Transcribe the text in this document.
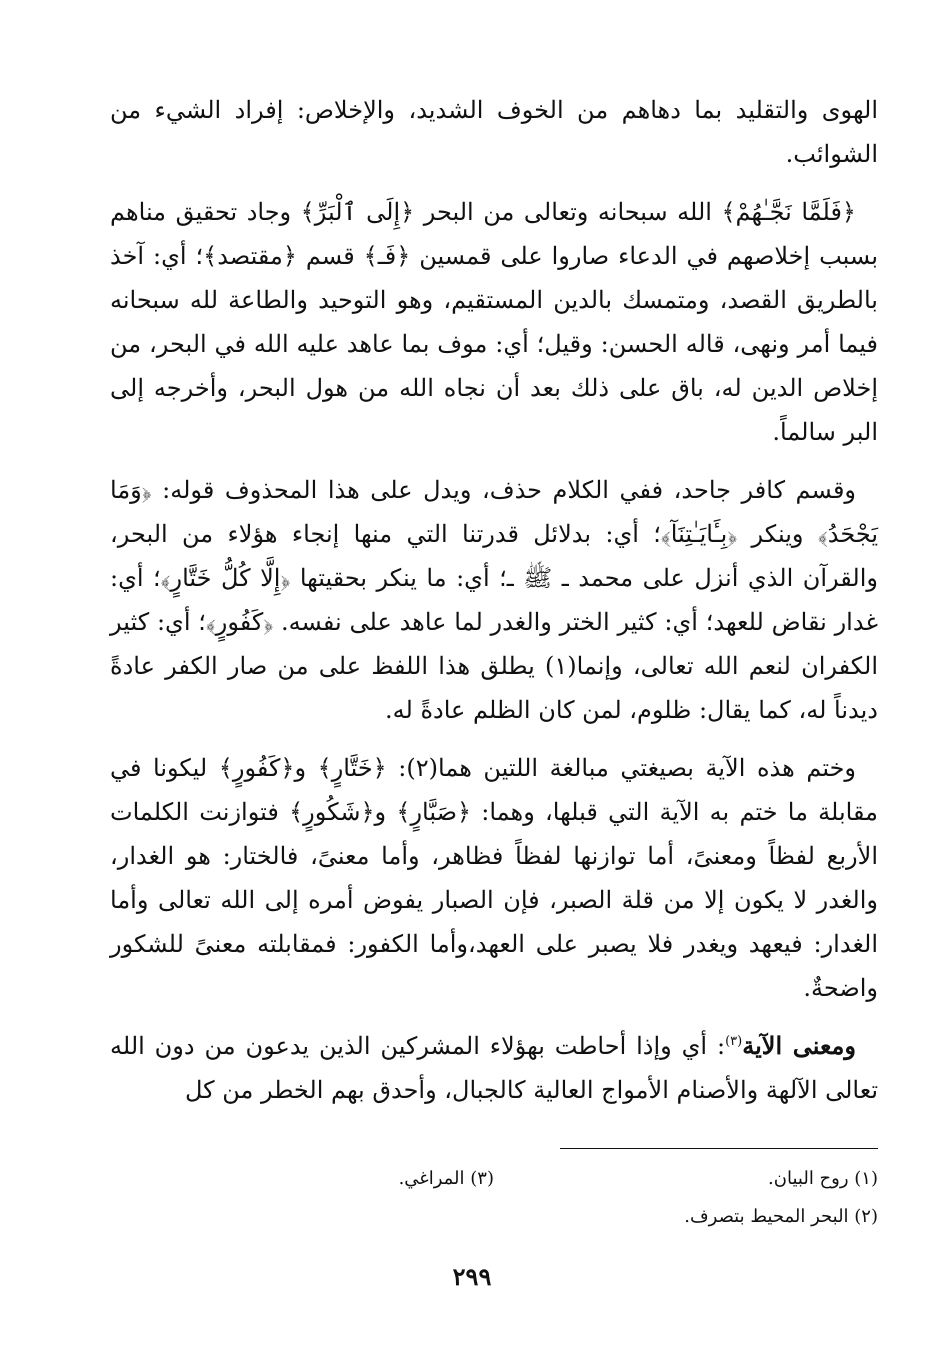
الهوى والتقليد بما دهاهم من الخوف الشديد، والإخلاص: إفراد الشيء من الشوائب.

﴿فَلَمَّا نَجَّـٰهُمْ﴾ الله سبحانه وتعالى من البحر ﴿إِلَى ٱلْبَرِّ﴾ وجاد تحقيق مناهم بسبب إخلاصهم في الدعاء صاروا على قمسين ﴿فَـ﴾ قسم ﴿مقتصد﴾؛ أي: آخذ بالطريق القصد، ومتمسك بالدين المستقيم، وهو التوحيد والطاعة لله سبحانه فيما أمر ونهى، قاله الحسن: وقيل؛ أي: موف بما عاهد عليه الله في البحر، من إخلاص الدين له، باق على ذلك بعد أن نجاه الله من هول البحر، وأخرجه إلى البر سالماً.

وقسم كافر جاحد، ففي الكلام حذف، ويدل على هذا المحذوف قوله: ﴿وَمَا يَجْحَدُ﴾ وينكر ﴿بِـَٔايَـٰتِنَآ﴾؛ أي: بدلائل قدرتنا التي منها إنجاء هؤلاء من البحر، والقرآن الذي أنزل على محمد ـ ﷺ ـ؛ أي: ما ينكر بحقيتها ﴿إِلَّا كُلُّ خَتَّارٍ﴾؛ أي: غدار نقاض للعهد؛ أي: كثير الختر والغدر لما عاهد على نفسه. ﴿كَفُورٍ﴾؛ أي: كثير الكفران لنعم الله تعالى، وإنما(١) يطلق هذا اللفظ على من صار الكفر عادةً ديدناً له، كما يقال: ظلوم، لمن كان الظلم عادةً له.

وختم هذه الآية بصيغتي مبالغة اللتين هما(٢): ﴿خَتَّارٍ﴾ و﴿كَفُورٍ﴾ ليكونا في مقابلة ما ختم به الآية التي قبلها، وهما: ﴿صَبَّارٍ﴾ و﴿شَكُورٍ﴾ فتوازنت الكلمات الأربع لفظاً ومعنىً، أما توازنها لفظاً فظاهر، وأما معنىً، فالختار: هو الغدار، والغدر لا يكون إلا من قلة الصبر، فإن الصبار يفوض أمره إلى الله تعالى وأما الغدار: فيعهد ويغدر فلا يصبر على العهد،وأما الكفور: فمقابلته معنىً للشكور واضحةٌ.

ومعنى الآية$^{(٣)}$: أي وإذا أحاطت بهؤلاء المشركين الذين يدعون من دون الله تعالى الآلهة والأصنام الأمواج العالية كالجبال، وأحدق بهم الخطر من كل

(١) روح البيان.
(٣) المراغي.
(٢) البحر المحيط بتصرف.
٢٩٩
